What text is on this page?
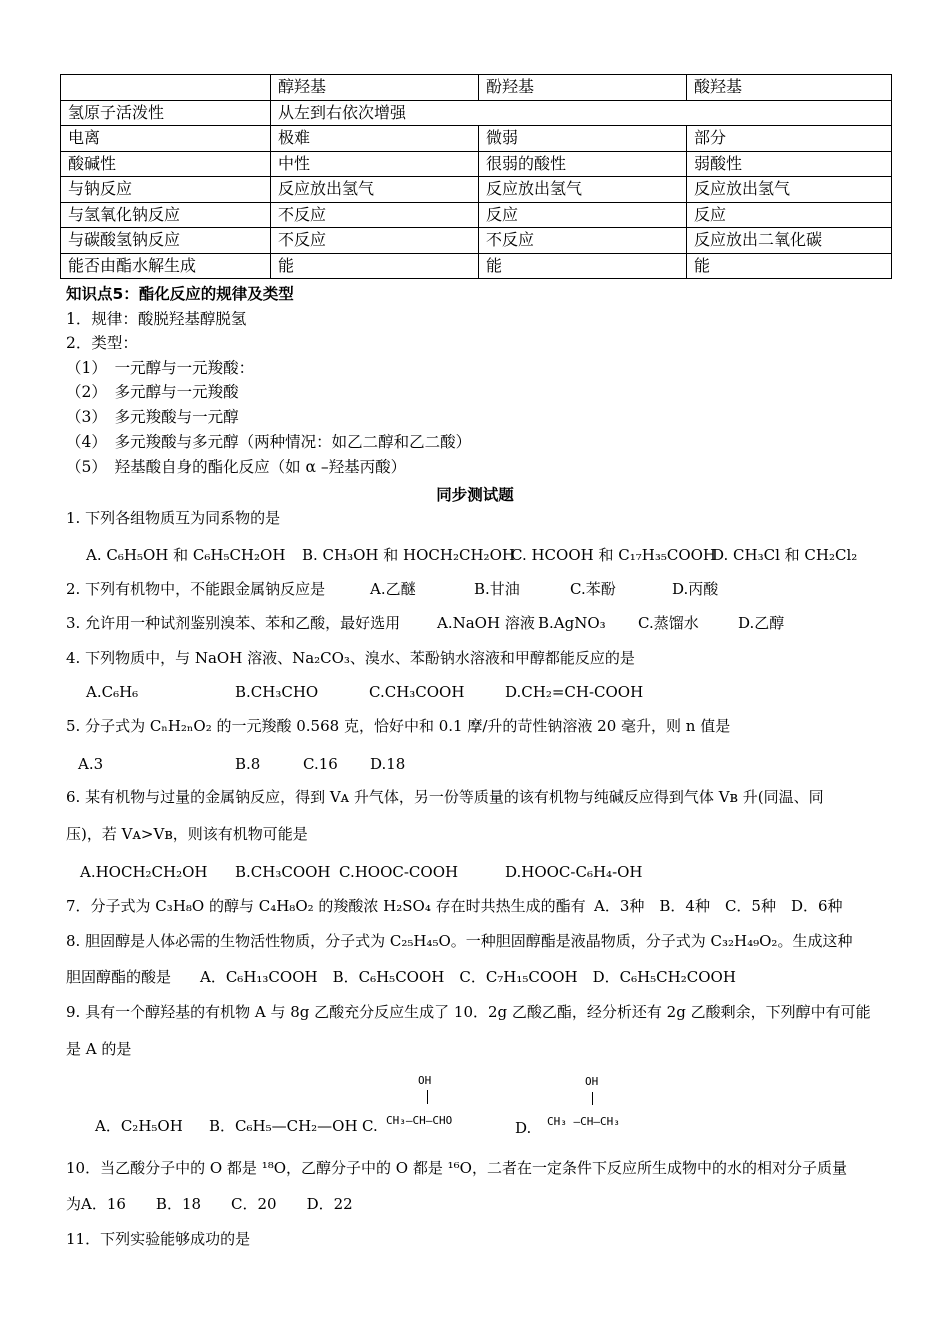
	醇羟基	酚羟基	酸羟基
氢原子活泼性	从左到右依次增强		
电离	极难	微弱	部分
酸碱性	中性	很弱的酸性	弱酸性
与钠反应	反应放出氢气	反应放出氢气	反应放出氢气
与氢氧化钠反应	不反应	反应	反应
与碳酸氢钠反应	不反应	不反应	反应放出二氧化碳
能否由酯水解生成	能	能	能
知识点5：酯化反应的规律及类型
1．规律：酸脱羟基醇脱氢
2．类型：
（1）　一元醇与一元羧酸：
（2）　多元醇与一元羧酸
（3）　多元羧酸与一元醇
（4）　多元羧酸与多元醇（两种情况：如乙二醇和乙二酸）
（5）　羟基酸自身的酯化反应（如 α –羟基丙酸）
同步测试题
1. 下列各组物质互为同系物的是
A. C₆H₅OH 和 C₆H₅CH₂OH B. CH₃OH 和 HOCH₂CH₂OH
C. HCOOH 和 C₁₇H₃₅COOH
D. CH₃Cl 和 CH₂Cl₂
2. 下列有机物中，不能跟金属钠反应是	A.乙醚	B.甘油	C.苯酚	D.丙酸
3. 允许用一种试剂鉴别溴苯、苯和乙酸，最好选用 A.NaOH 溶液 B.AgNO₃ C.蒸馏水	D.乙醇
4. 下列物质中，与 NaOH 溶液、Na₂CO₃、溴水、苯酚钠水溶液和甲醇都能反应的是
A.C₆H₆	B.CH₃CHO	C.CH₃COOH	D.CH₂=CH-COOH
5. 分子式为 CₙH₂ₙO₂ 的一元羧酸 0.568 克，恰好中和 0.1 摩/升的苛性钠溶液 20 毫升，则 n 值是
A.3	B.8	C.16 D.18
6. 某有机物与过量的金属钠反应，得到 Vᴀ 升气体，另一份等质量的该有机物与纯碱反应得到气体 Vʙ 升(同温、同
压)，若 Vᴀ>Vʙ，则该有机物可能是
A.HOCH₂CH₂OH B.CH₃COOH C.HOOC-COOH	D.HOOC-C₆H₄-OH
7．分子式为 C₃H₈O 的醇与 C₄H₈O₂ 的羧酸浓 H₂SO₄ 存在时共热生成的酯有 A．3种　B．4种　C．5种　D．6种
8. 胆固醇是人体必需的生物活性物质，分子式为 C₂₅H₄₅O。一种胆固醇酯是液晶物质，分子式为 C₃₂H₄₉O₂。生成这种
胆固醇酯的酸是 A．C₆H₁₃COOH　B．C₆H₅COOH　C．C₇H₁₅COOH　D．C₆H₅CH₂COOH
9. 具有一个醇羟基的有机物 A 与 8g 乙酸充分反应生成了 10．2g 乙酸乙酯，经分析还有 2g 乙酸剩余，下列醇中有可能
是 A 的是
A．C₂H₅OH B．C₆H₅—CH₂—OH C.
OH
CH₃—CH—CHO	D.
OH
CH₃ —CH—CH₃
10．当乙酸分子中的 O 都是 ¹⁸O，乙醇分子中的 O 都是 ¹⁶O，二者在一定条件下反应所生成物中的水的相对分子质量
为A．16　　B．18　　C．20　　D．22
11．下列实验能够成功的是
